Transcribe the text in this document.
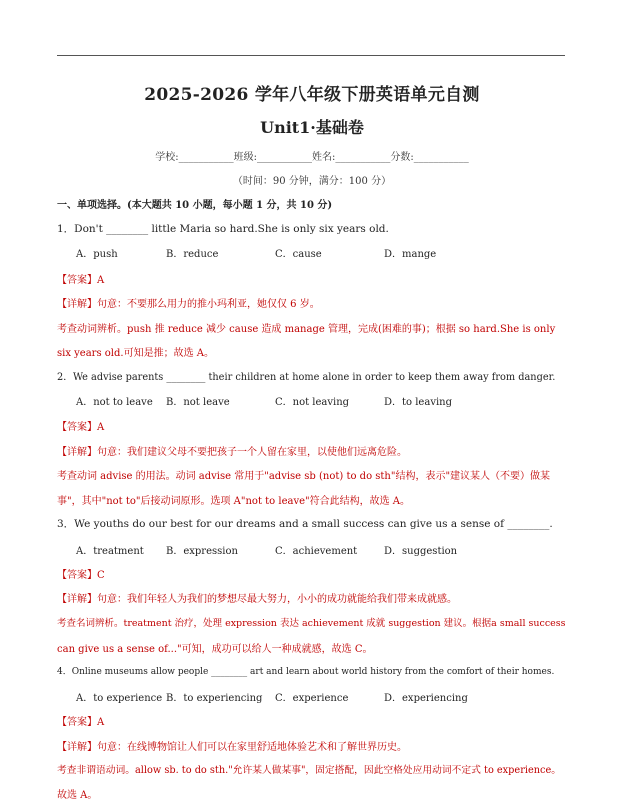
2025-2026 学年八年级下册英语单元自测
Unit1·基础卷
学校:___________班级:___________姓名:___________分数:___________
（时间：90 分钟，满分：100 分）
一、单项选择。(本大题共 10 小题，每小题 1 分，共 10 分)
1．Don't ________ little Maria so hard.She is only six years old.
A．push	B．reduce	C．cause	D．mange
【答案】A
【详解】句意：不要那么用力的推小玛利亚，她仅仅 6 岁。
考查动词辨析。push 推 reduce 减少 cause 造成 manage 管理，完成(困难的事)；根据 so hard.She is only
six years old.可知是推；故选 A。
2．We advise parents ________ their children at home alone in order to keep them away from danger.
A．not to leave B．not leave	C．not leaving	D．to leaving
【答案】A
【详解】句意：我们建议父母不要把孩子一个人留在家里，以使他们远离危险。
考查动词 advise 的用法。动词 advise 常用于"advise sb (not) to do sth"结构，表示"建议某人（不要）做某
事"，其中"not to"后接动词原形。选项 A"not to leave"符合此结构，故选 A。
3．We youths do our best for our dreams and a small success can give us a sense of ________.
A．treatment B．expression	C．achievement	D．suggestion
【答案】C
【详解】句意：我们年轻人为我们的梦想尽最大努力，小小的成功就能给我们带来成就感。
考查名词辨析。treatment 治疗，处理 expression 表达 achievement 成就 suggestion 建议。根据a small success
can give us a sense of..."可知，成功可以给人一种成就感，故选 C。
4．Online museums allow people ________ art and learn about world history from the comfort of their homes.
A．to experience B．to experiencing C．experience	D．experiencing
【答案】A
【详解】句意：在线博物馆让人们可以在家里舒适地体验艺术和了解世界历史。
考查非谓语动词。allow sb. to do sth."允许某人做某事"，固定搭配，因此空格处应用动词不定式 to experience。
故选 A。
